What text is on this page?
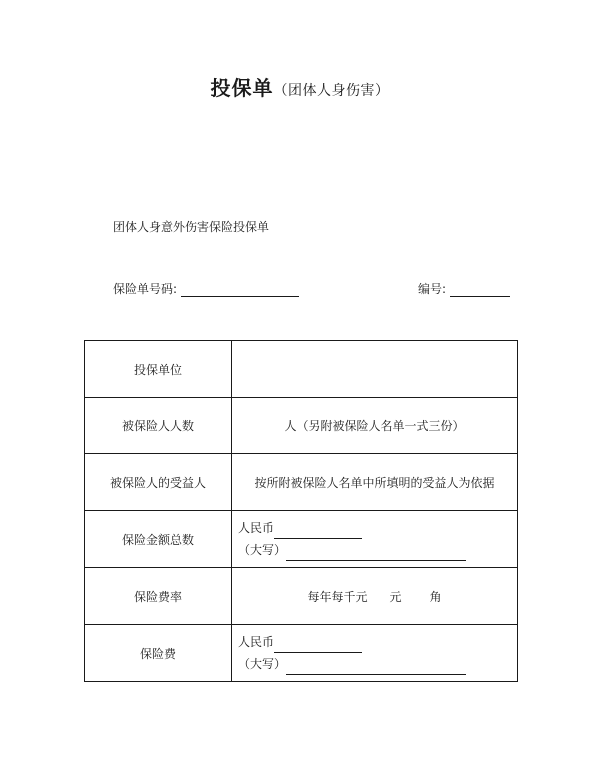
投保单（团体人身伤害）
团体人身意外伤害保险投保单
保险单号码:	编号:
投保单位	
被保险人人数	人（另附被保险人名单一式三份）
被保险人的受益人	按所附被保险人名单中所填明的受益人为依据
保险金额总数	人民币
（大写）

保险费率	每年每千元 元 角

保险费	人民币
（大写）
